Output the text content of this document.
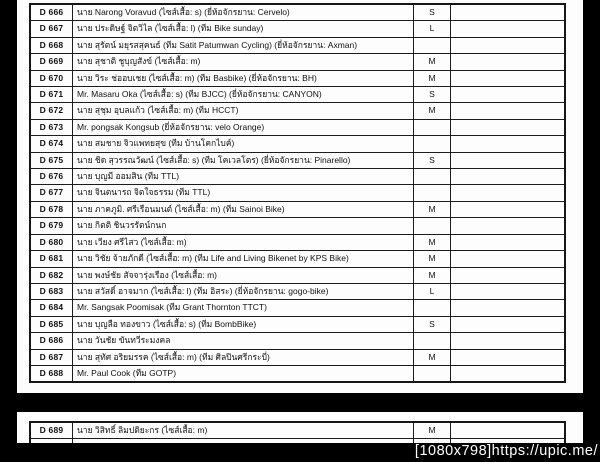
D 666	นาย Narong Voravud (ไซส์เสื้อ: s) (ยี่ห้อจักรยาน: Cervelo)	S	
D 667	นาย ประดิษฐ์ จิตวิไล (ไซส์เสื้อ: l) (ทีม Bike sunday)	L	
D 668	นาย สุรัตน์ มยุรสสุคนธ์ (ทีม Satit Patumwan Cycling) (ยี่ห้อจักรยาน: Axman)		
D 669	นาย สุชาติ ชูบุญสังข์ (ไซส์เสื้อ: m)	M	
D 670	นาย วิระ ช่ออบเชย (ไซส์เสื้อ: m) (ทีม Basbike) (ยี่ห้อจักรยาน: BH)	M	
D 671	Mr. Masaru Oka (ไซส์เสื้อ: s) (ทีม BJCC) (ยี่ห้อจักรยาน: CANYON)	S	
D 672	นาย สุชุม อุบลแก้ว (ไซส์เสื้อ: m) (ทีม HCCT)	M	
D 673	Mr. pongsak Kongsub (ยี่ห้อจักรยาน: velo Orange)		
D 674	นาย สมชาย จิวแพทยสุข (ทีม บ้านโคกไบค์)		
D 675	นาย ชิด สุวรรณวัฒน์ (ไซส์เสื้อ: s) (ทีม โคเวลโตร) (ยี่ห้อจักรยาน: Pinarello)	S	
D 676	นาย บุญมี ออมสิน (ทีม TTL)		
D 677	นาย จินตนารถ จิตใจธรรม (ทีม TTL)		
D 678	นาย ภาคภูมิ. ศรีเรือนมนต์ (ไซส์เสื้อ: m) (ทีม Sainoi Bike)	M	
D 679	นาย กิตติ ชินวรรัตน์กนก		
D 680	นาย เวียง ศรีไสว (ไซส์เสื้อ: m)	M	
D 681	นาย วิชัย จ้ายภักดี (ไซส์เสื้อ: m) (ทีม Life and Living Bikenet by KPS Bike)	M	
D 682	นาย พงษ์ชัย สัจจารุ่งเรือง (ไซส์เสื้อ: m)	M	
D 683	นาย สวัสดิ์ อาจมาก (ไซส์เสื้อ: l) (ทีม อิสระ) (ยี่ห้อจักรยาน: gogo-bike)	L	
D 684	Mr. Sangsak Poomisak (ทีม Grant Thornton TTCT)		
D 685	นาย บุญลือ ทองขาว (ไซส์เสื้อ: s) (ทีม BombBike)	S	
D 686	นาย วันชัย ขันทวีระมงคล		
D 687	นาย สุทัศ อริยมรรค (ไซส์เสื้อ: m) (ทีม ศิลปินศรีกระบี่)	M	
D 688	Mr. Paul Cook (ทีม GOTP)		
D 689	นาย วิสิทธิ์ ลิมปติยะกร (ไซส์เสื้อ: m)	M	

[1080x798]https://upic.me/
